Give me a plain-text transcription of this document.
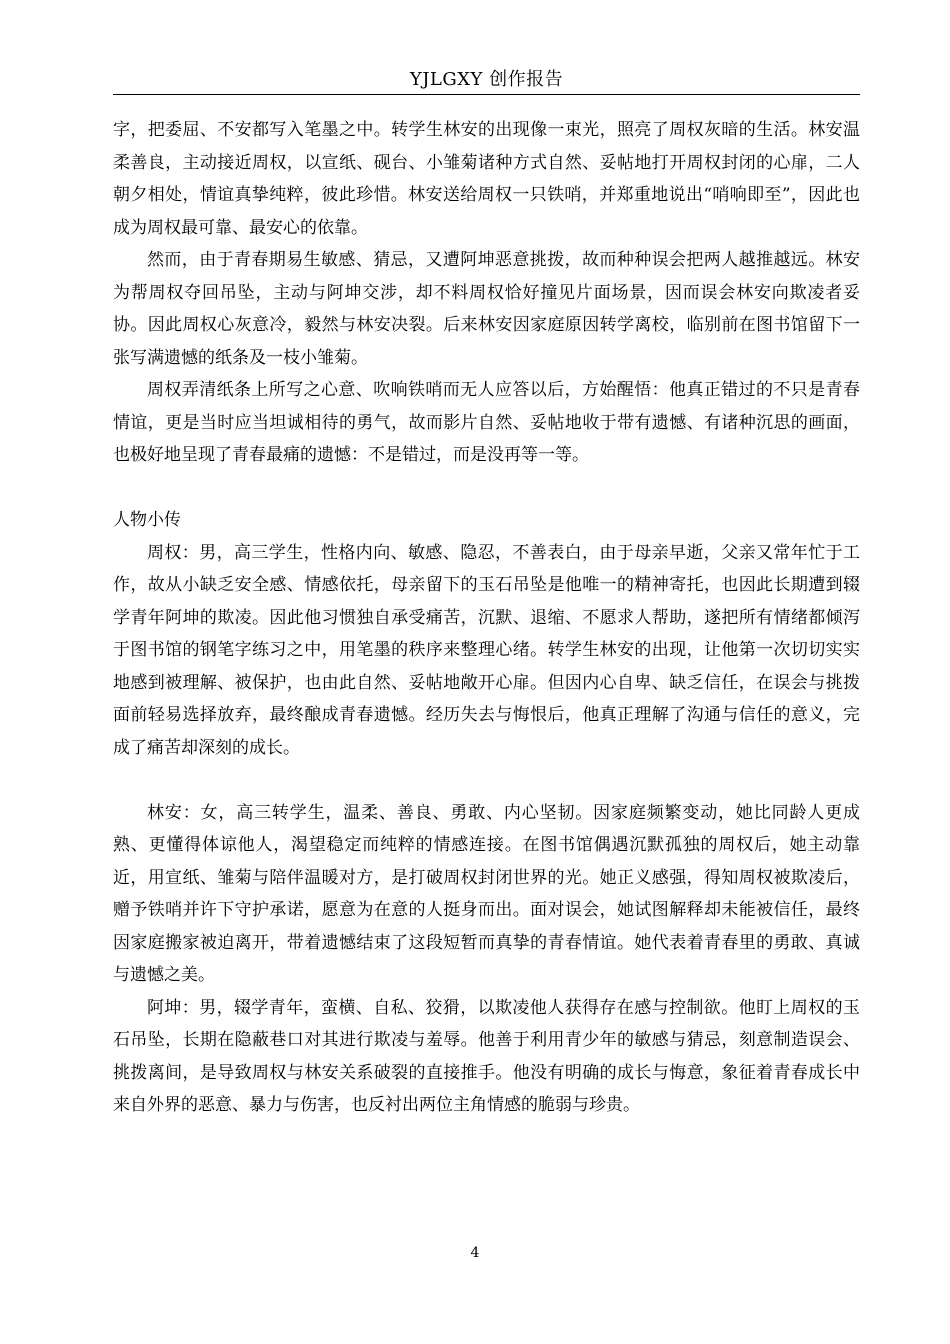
YJLGXY 创作报告

字，把委屈、不安都写入笔墨之中。转学生林安的出现像一束光，照亮了周权灰暗的生活。林安温柔善良，主动接近周权，以宣纸、砚台、小雏菊诸种方式自然、妥帖地打开周权封闭的心扉，二人朝夕相处，情谊真挚纯粹，彼此珍惜。林安送给周权一只铁哨，并郑重地说出“哨响即至”，因此也成为周权最可靠、最安心的依靠。

然而，由于青春期易生敏感、猜忌，又遭阿坤恶意挑拨，故而种种误会把两人越推越远。林安为帮周权夺回吊坠，主动与阿坤交涉，却不料周权恰好撞见片面场景，因而误会林安向欺凌者妥协。因此周权心灰意冷，毅然与林安决裂。后来林安因家庭原因转学离校，临别前在图书馆留下一张写满遗憾的纸条及一枝小雏菊。

周权弄清纸条上所写之心意、吹响铁哨而无人应答以后，方始醒悟：他真正错过的不只是青春情谊，更是当时应当坦诚相待的勇气，故而影片自然、妥帖地收于带有遗憾、有诸种沉思的画面，也极好地呈现了青春最痛的遗憾：不是错过，而是没再等一等。

人物小传

周权：男，高三学生，性格内向、敏感、隐忍，不善表白，由于母亲早逝，父亲又常年忙于工作，故从小缺乏安全感、情感依托，母亲留下的玉石吊坠是他唯一的精神寄托，也因此长期遭到辍学青年阿坤的欺凌。因此他习惯独自承受痛苦，沉默、退缩、不愿求人帮助，遂把所有情绪都倾泻于图书馆的钢笔字练习之中，用笔墨的秩序来整理心绪。转学生林安的出现，让他第一次切切实实地感到被理解、被保护，也由此自然、妥帖地敞开心扉。但因内心自卑、缺乏信任，在误会与挑拨面前轻易选择放弃，最终酿成青春遗憾。经历失去与悔恨后，他真正理解了沟通与信任的意义，完成了痛苦却深刻的成长。

林安：女，高三转学生，温柔、善良、勇敢、内心坚韧。因家庭频繁变动，她比同龄人更成熟、更懂得体谅他人，渴望稳定而纯粹的情感连接。在图书馆偶遇沉默孤独的周权后，她主动靠近，用宣纸、雏菊与陪伴温暖对方，是打破周权封闭世界的光。她正义感强，得知周权被欺凌后，赠予铁哨并许下守护承诺，愿意为在意的人挺身而出。面对误会，她试图解释却未能被信任，最终因家庭搬家被迫离开，带着遗憾结束了这段短暂而真挚的青春情谊。她代表着青春里的勇敢、真诚与遗憾之美。

阿坤：男，辍学青年，蛮横、自私、狡猾，以欺凌他人获得存在感与控制欲。他盯上周权的玉石吊坠，长期在隐蔽巷口对其进行欺凌与羞辱。他善于利用青少年的敏感与猜忌，刻意制造误会、挑拨离间，是导致周权与林安关系破裂的直接推手。他没有明确的成长与悔意，象征着青春成长中来自外界的恶意、暴力与伤害，也反衬出两位主角情感的脆弱与珍贵。

4
